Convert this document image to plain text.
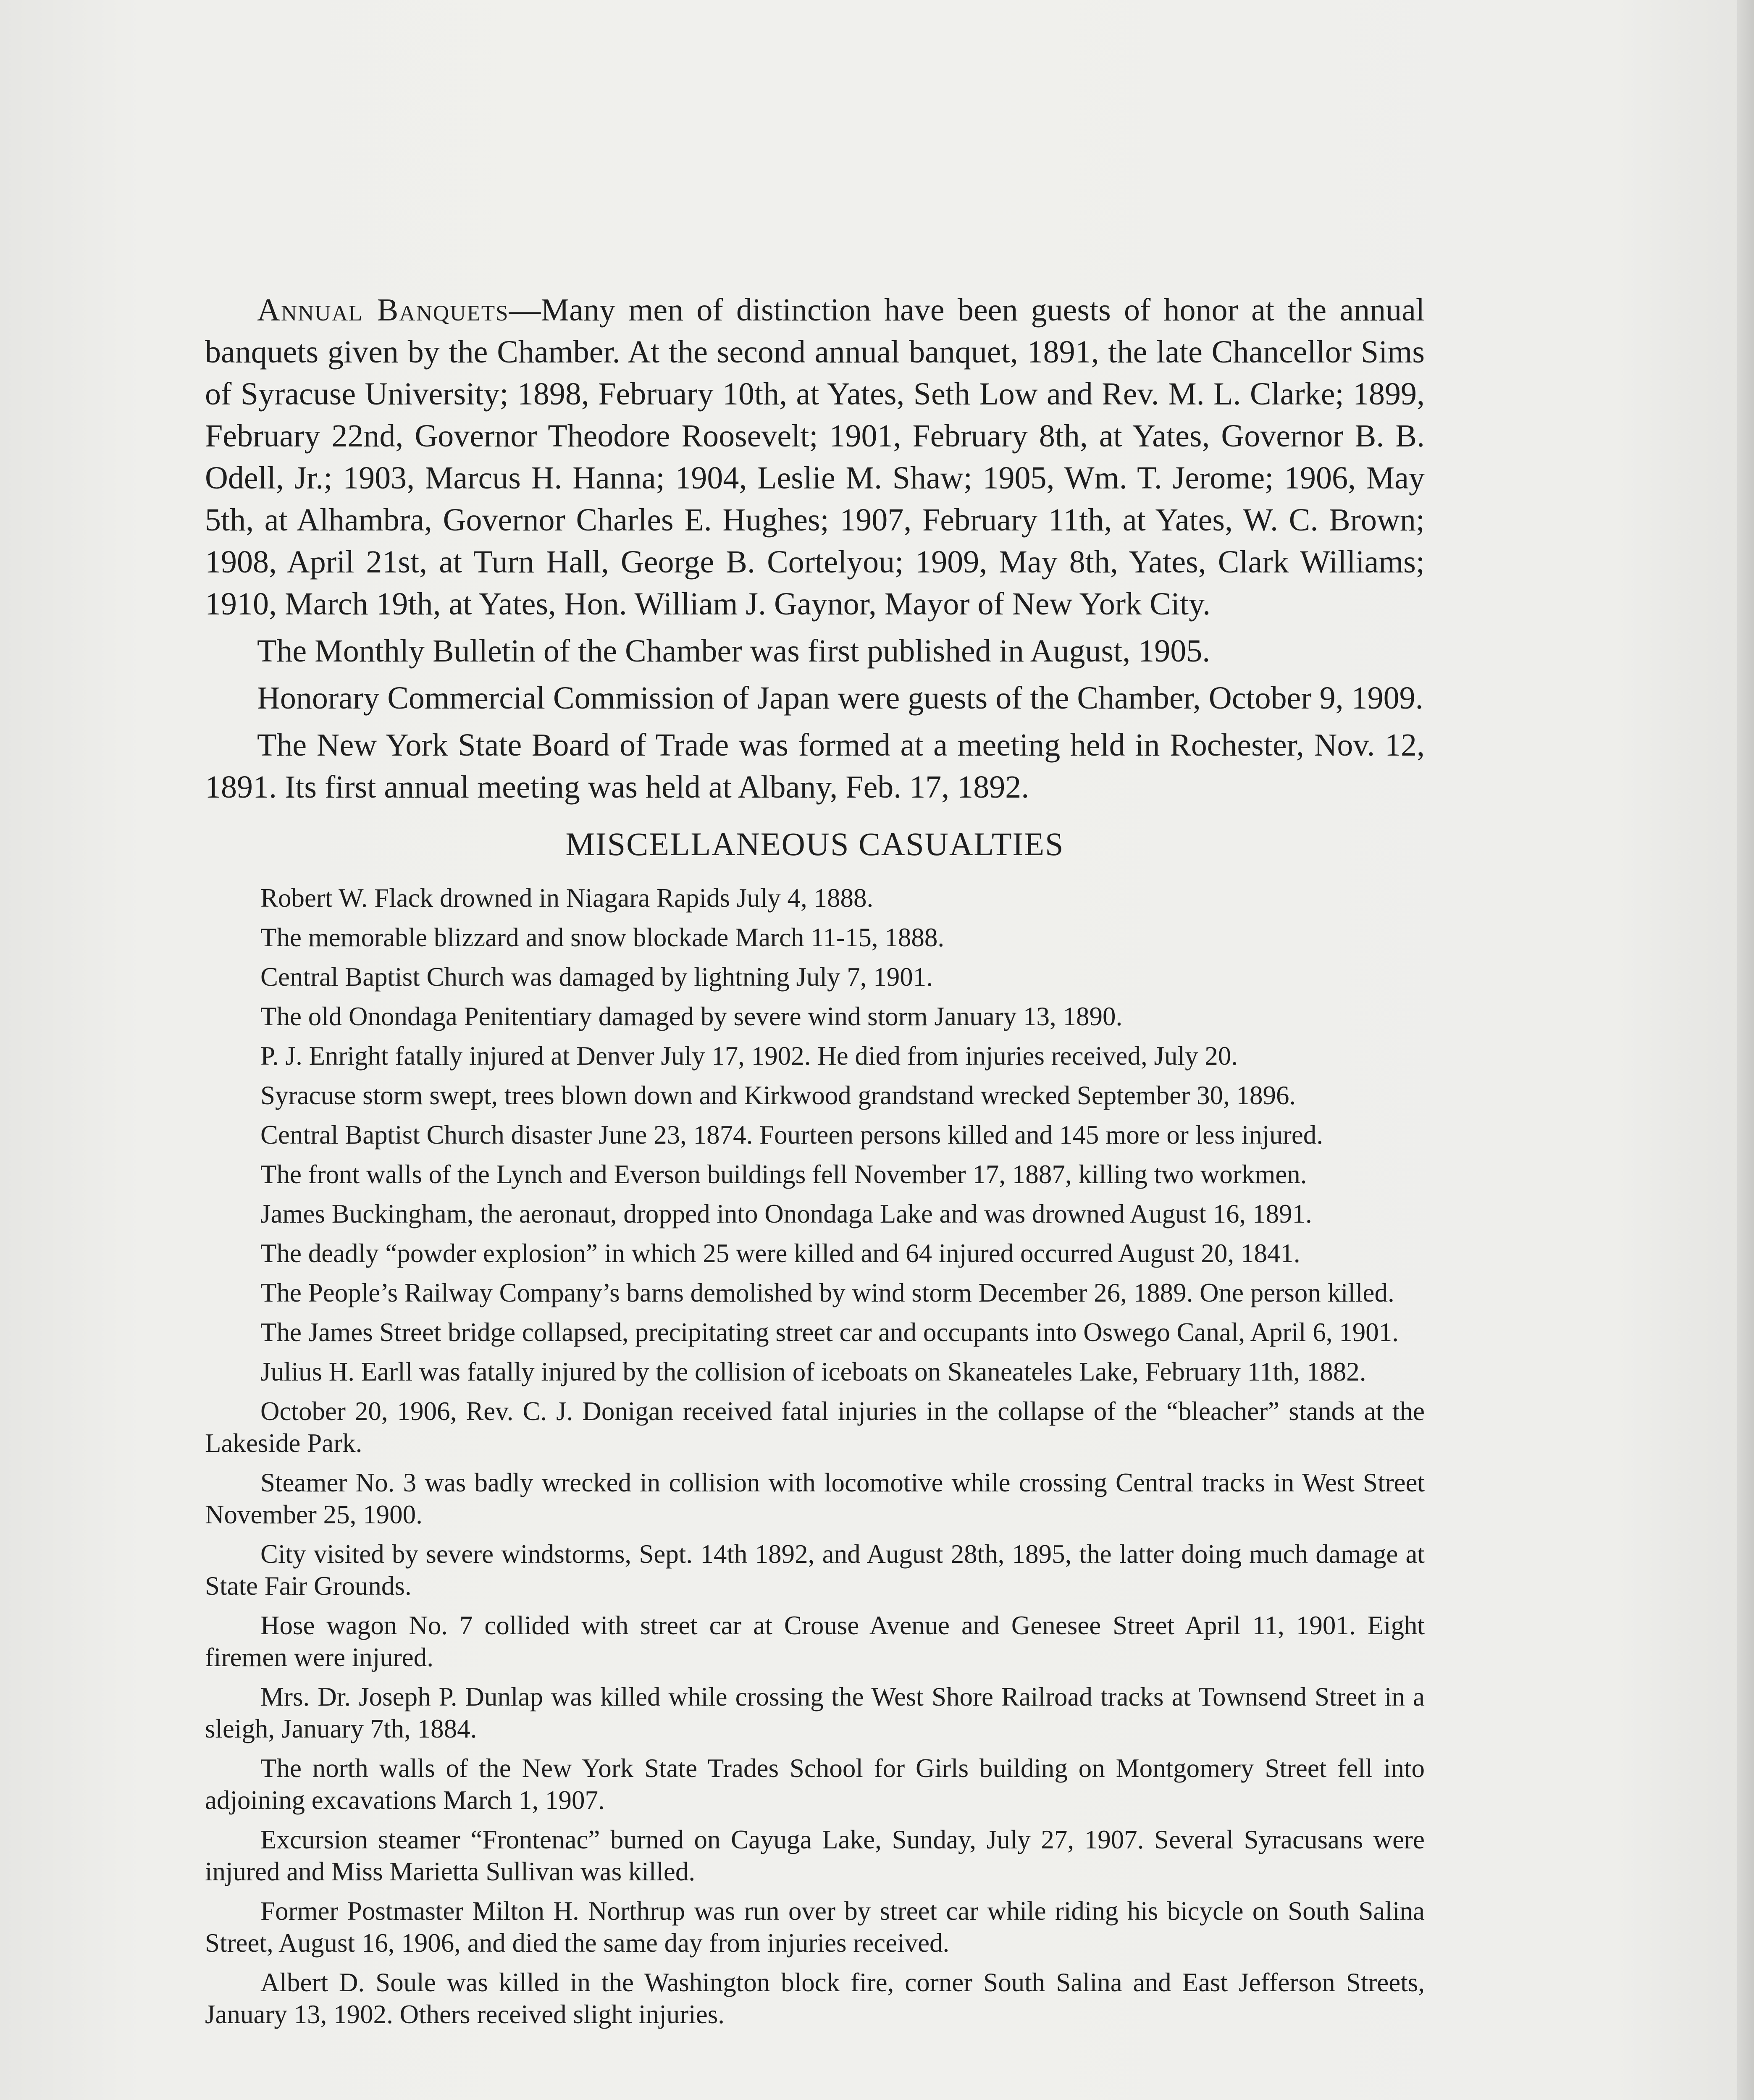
Annual Banquets—Many men of distinction have been guests of honor at the annual banquets given by the Chamber. At the second annual banquet, 1891, the late Chancellor Sims of Syracuse University; 1898, February 10th, at Yates, Seth Low and Rev. M. L. Clarke; 1899, February 22nd, Governor Theodore Roosevelt; 1901, February 8th, at Yates, Governor B. B. Odell, Jr.; 1903, Marcus H. Hanna; 1904, Leslie M. Shaw; 1905, Wm. T. Jerome; 1906, May 5th, at Alhambra, Governor Charles E. Hughes; 1907, February 11th, at Yates, W. C. Brown; 1908, April 21st, at Turn Hall, George B. Cortelyou; 1909, May 8th, Yates, Clark Williams; 1910, March 19th, at Yates, Hon. William J. Gaynor, Mayor of New York City.

The Monthly Bulletin of the Chamber was first published in August, 1905.

Honorary Commercial Commission of Japan were guests of the Chamber, October 9, 1909.

The New York State Board of Trade was formed at a meeting held in Rochester, Nov. 12, 1891. Its first annual meeting was held at Albany, Feb. 17, 1892.

MISCELLANEOUS CASUALTIES

Robert W. Flack drowned in Niagara Rapids July 4, 1888.

The memorable blizzard and snow blockade March 11-15, 1888.

Central Baptist Church was damaged by lightning July 7, 1901.

The old Onondaga Penitentiary damaged by severe wind storm January 13, 1890.

P. J. Enright fatally injured at Denver July 17, 1902. He died from injuries received, July 20.

Syracuse storm swept, trees blown down and Kirkwood grandstand wrecked September 30, 1896.

Central Baptist Church disaster June 23, 1874. Fourteen persons killed and 145 more or less injured.

The front walls of the Lynch and Everson buildings fell November 17, 1887, killing two workmen.

James Buckingham, the aeronaut, dropped into Onondaga Lake and was drowned August 16, 1891.

The deadly “powder explosion” in which 25 were killed and 64 injured occurred August 20, 1841.

The People’s Railway Company’s barns demolished by wind storm December 26, 1889. One person killed.

The James Street bridge collapsed, precipitating street car and occupants into Oswego Canal, April 6, 1901.

Julius H. Earll was fatally injured by the collision of iceboats on Skaneateles Lake, February 11th, 1882.

October 20, 1906, Rev. C. J. Donigan received fatal injuries in the collapse of the “bleacher” stands at the Lakeside Park.

Steamer No. 3 was badly wrecked in collision with locomotive while crossing Central tracks in West Street November 25, 1900.

City visited by severe windstorms, Sept. 14th 1892, and August 28th, 1895, the latter doing much damage at State Fair Grounds.

Hose wagon No. 7 collided with street car at Crouse Avenue and Genesee Street April 11, 1901. Eight firemen were injured.

Mrs. Dr. Joseph P. Dunlap was killed while crossing the West Shore Railroad tracks at Townsend Street in a sleigh, January 7th, 1884.

The north walls of the New York State Trades School for Girls building on Montgomery Street fell into adjoining excavations March 1, 1907.

Excursion steamer “Frontenac” burned on Cayuga Lake, Sunday, July 27, 1907. Several Syracusans were injured and Miss Marietta Sullivan was killed.

Former Postmaster Milton H. Northrup was run over by street car while riding his bicycle on South Salina Street, August 16, 1906, and died the same day from injuries received.

Albert D. Soule was killed in the Washington block fire, corner South Salina and East Jefferson Streets, January 13, 1902. Others received slight injuries.
